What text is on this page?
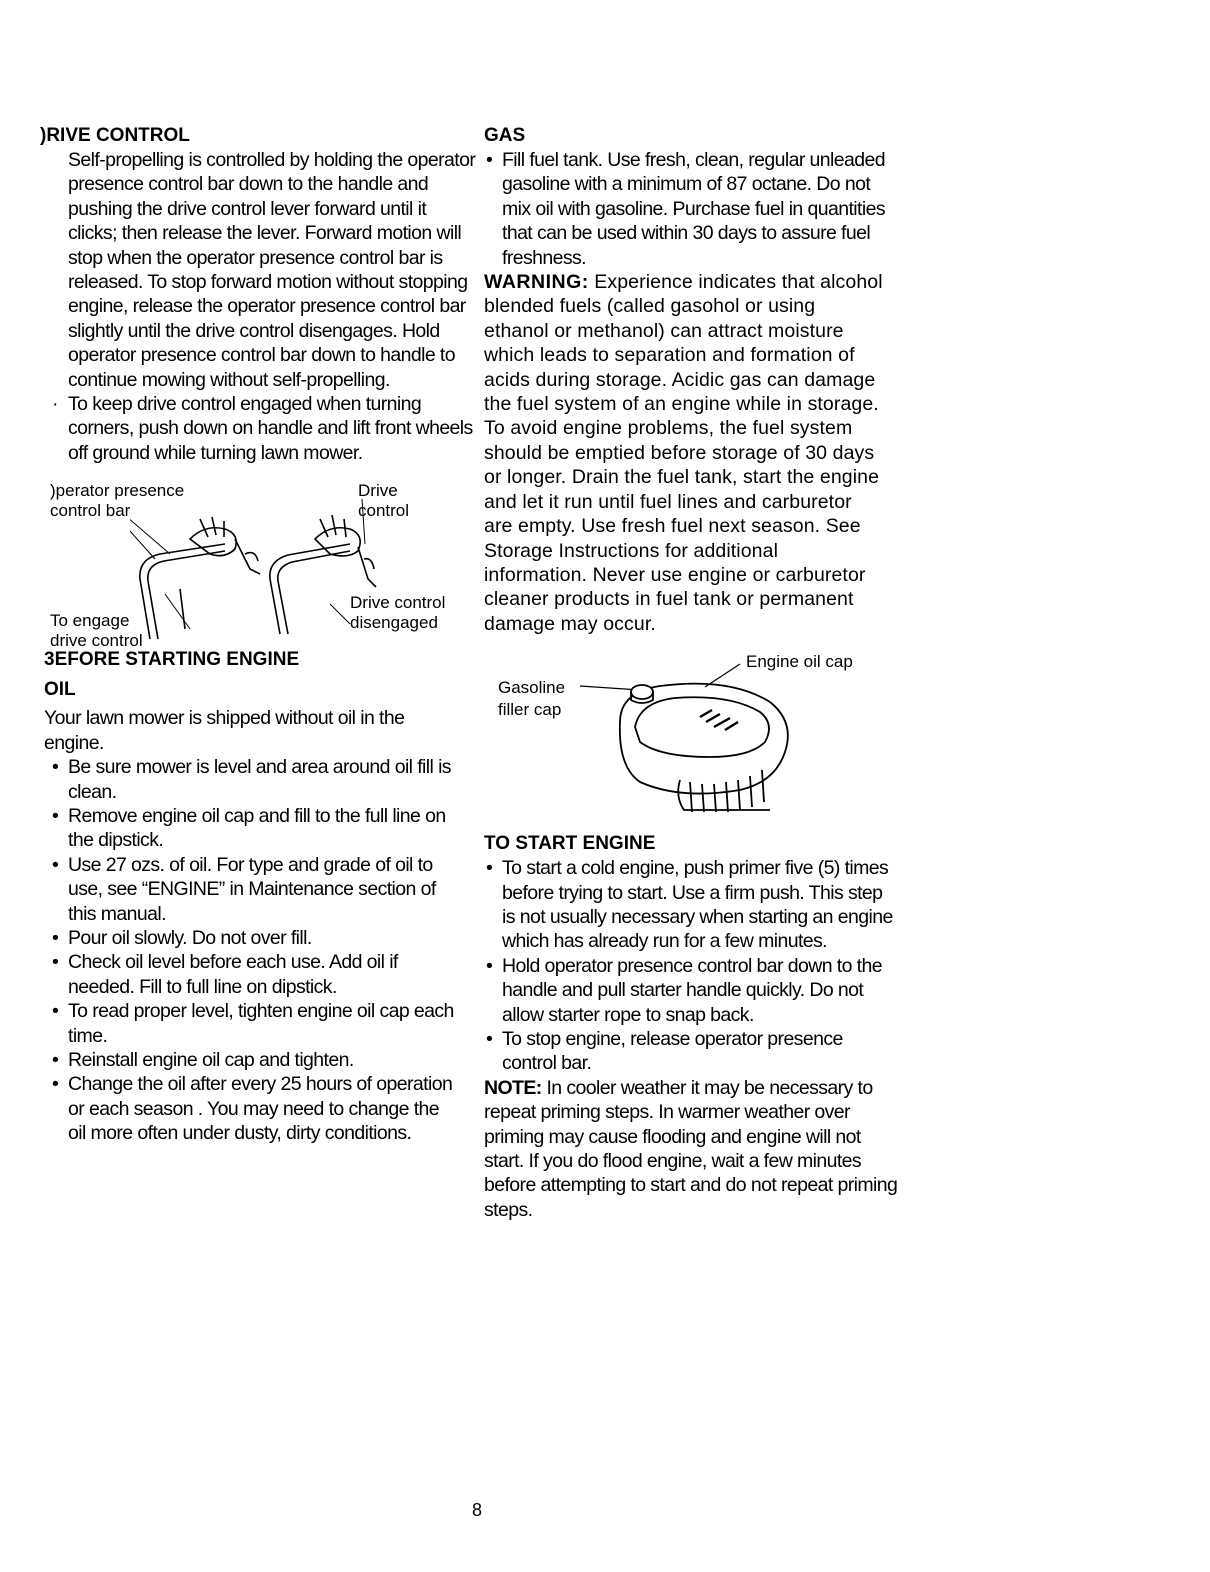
)RIVE CONTROL

Self-propelling is controlled by holding the operator presence control bar down to the handle and pushing the drive control lever forward until it clicks; then release the lever. Forward motion will stop when the operator presence control bar is released. To stop forward motion without stopping engine, release the operator presence control bar slightly until the drive control disengages. Hold operator presence control bar down to handle to continue mowing without self-propelling.

· To keep drive control engaged when turning corners, push down on handle and lift front wheels off ground while turning lawn mower.
)perator presence
control bar
Drive
control
To engage
drive control
Drive control
disengaged

3EFORE STARTING ENGINE

OIL

Your lawn mower is shipped without oil in the

engine.

• Be sure mower is level and area around oil fill is clean.
• Remove engine oil cap and fill to the full line on the dipstick.
• Use 27 ozs. of oil. For type and grade of oil to use, see “ENGINE” in Maintenance section of this manual.
• Pour oil slowly. Do not over fill.
• Check oil level before each use. Add oil if needed. Fill to full line on dipstick.
• To read proper level, tighten engine oil cap each time.
• Reinstall engine oil cap and tighten.
• Change the oil after every 25 hours of operation or each season . You may need to change the oil more often under dusty, dirty conditions.

GAS

• Fill fuel tank. Use fresh, clean, regular unleaded gasoline with a minimum of 87 octane. Do not mix oil with gasoline. Purchase fuel in quantities that can be used within 30 days to assure fuel freshness.

WARNING: Experience indicates that alcohol blended fuels (called gasohol or using ethanol or methanol) can attract moisture which leads to separation and formation of acids during storage. Acidic gas can damage the fuel system of an engine while in storage. To avoid engine problems, the fuel system should be emptied before storage of 30 days or longer. Drain the fuel tank, start the engine and let it run until fuel lines and carburetor are empty. Use fresh fuel next season. See Storage Instructions for additional information. Never use engine or carburetor cleaner products in fuel tank or permanent damage may occur.

Engine oil cap
Gasoline
filler cap

TO START ENGINE

• To start a cold engine, push primer five (5) times before trying to start. Use a firm push. This step is not usually necessary when starting an engine which has already run for a few minutes.
• Hold operator presence control bar down to the handle and pull starter handle quickly. Do not allow starter rope to snap back.
• To stop engine, release operator presence control bar.

NOTE: In cooler weather it may be necessary to repeat priming steps. In warmer weather over priming may cause flooding and engine will not start. If you do flood engine, wait a few minutes before attempting to start and do not repeat priming steps.

8
